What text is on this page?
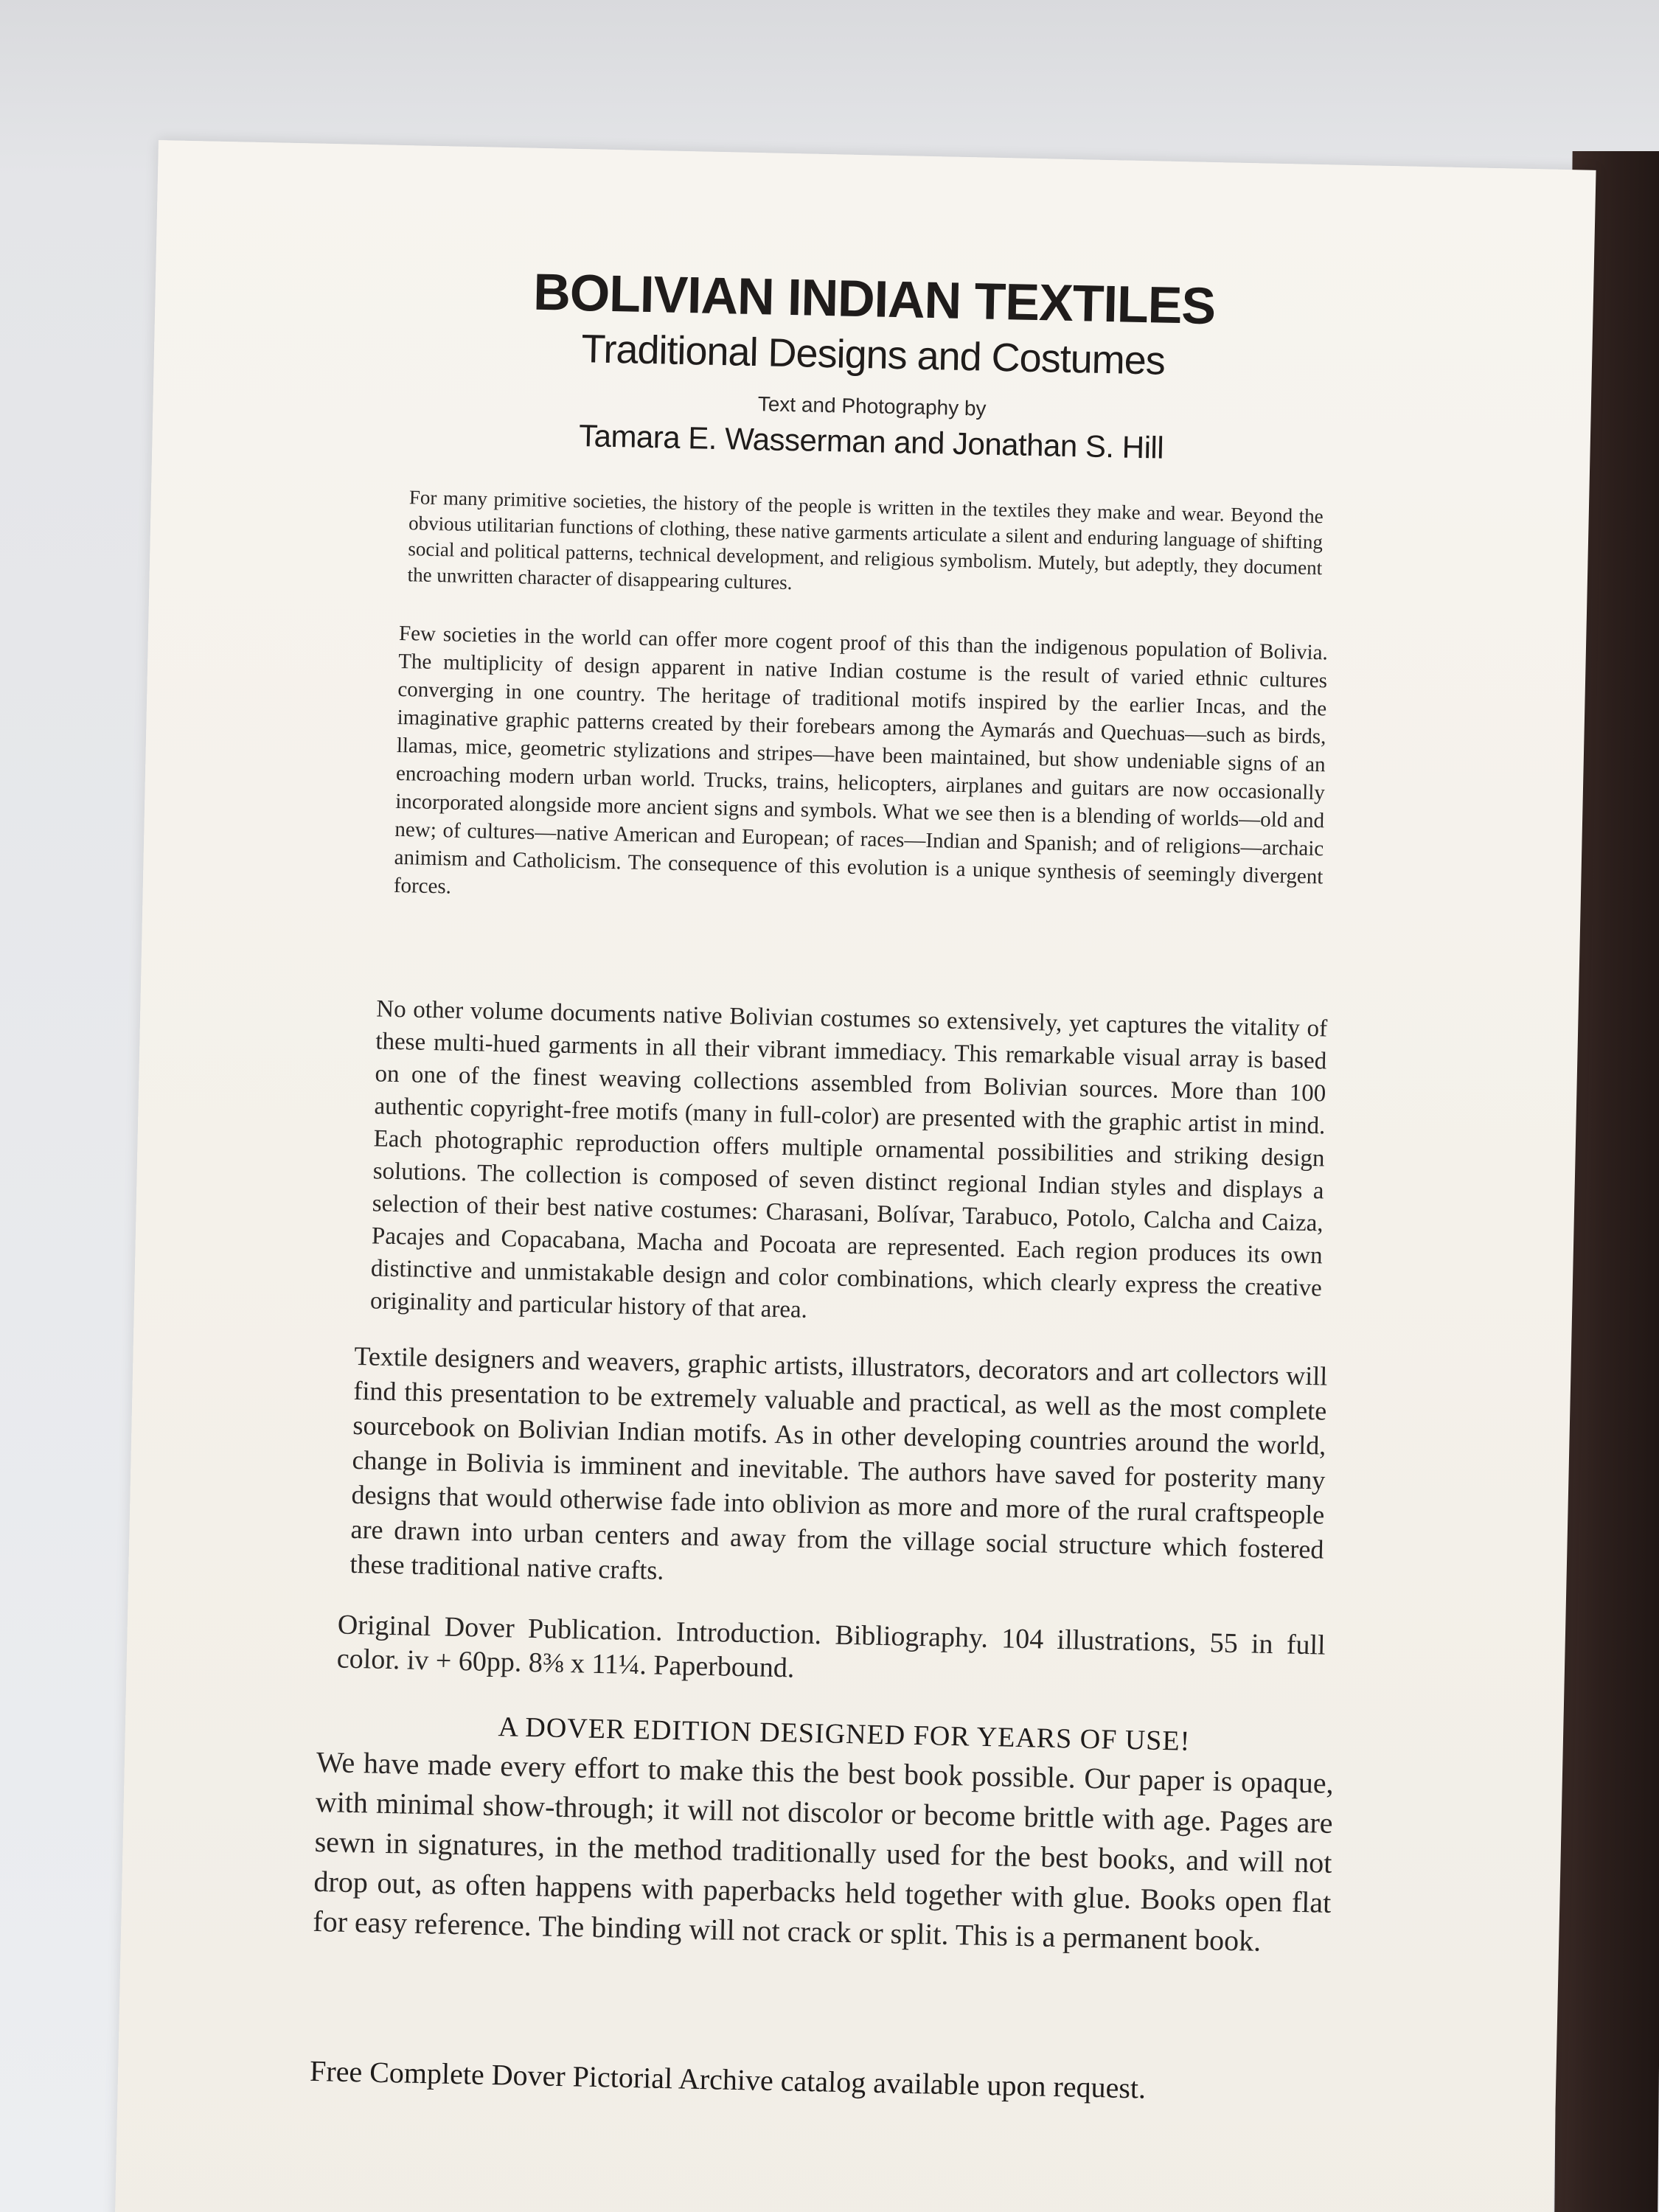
BOLIVIAN INDIAN TEXTILES
Traditional Designs and Costumes
Text and Photography by
Tamara E. Wasserman and Jonathan S. Hill
For many primitive societies, the history of the people is written in the textiles they make and wear. Beyond the obvious utilitarian functions of clothing, these native garments articulate a silent and enduring language of shifting social and political patterns, technical development, and religious symbolism. Mutely, but adeptly, they document the unwritten character of disappearing cultures.
Few societies in the world can offer more cogent proof of this than the indigenous population of Bolivia. The multiplicity of design apparent in native Indian costume is the result of varied ethnic cultures converging in one country. The heritage of traditional motifs inspired by the earlier Incas, and the imaginative graphic patterns created by their forebears among the Aymarás and Quechuas—such as birds, llamas, mice, geometric stylizations and stripes—have been maintained, but show undeniable signs of an encroaching modern urban world. Trucks, trains, helicopters, airplanes and guitars are now occasionally incorporated alongside more ancient signs and symbols. What we see then is a blending of worlds—old and new; of cultures—native American and European; of races—Indian and Spanish; and of religions—archaic animism and Catholicism. The consequence of this evolution is a unique synthesis of seemingly divergent forces.
No other volume documents native Bolivian costumes so extensively, yet captures the vitality of these multi-hued garments in all their vibrant immediacy. This remarkable visual array is based on one of the finest weaving collections assembled from Bolivian sources. More than 100 authentic copyright-free motifs (many in full-color) are presented with the graphic artist in mind. Each photographic reproduction offers multiple ornamental possibilities and striking design solutions. The collection is composed of seven distinct regional Indian styles and displays a selection of their best native costumes: Charasani, Bolívar, Tarabuco, Potolo, Calcha and Caiza, Pacajes and Copacabana, Macha and Pocoata are represented. Each region produces its own distinctive and unmistakable design and color combinations, which clearly express the creative originality and particular history of that area.
Textile designers and weavers, graphic artists, illustrators, decorators and art collectors will find this presentation to be extremely valuable and practical, as well as the most complete sourcebook on Bolivian Indian motifs. As in other developing countries around the world, change in Bolivia is imminent and inevitable. The authors have saved for posterity many designs that would otherwise fade into oblivion as more and more of the rural craftspeople are drawn into urban centers and away from the village social structure which fostered these traditional native crafts.
Original Dover Publication. Introduction. Bibliography. 104 illustrations, 55 in full color. iv + 60pp. 8⅜ x 11¼. Paperbound.
A DOVER EDITION DESIGNED FOR YEARS OF USE!
We have made every effort to make this the best book possible. Our paper is opaque, with minimal show-through; it will not discolor or become brittle with age. Pages are sewn in signatures, in the method traditionally used for the best books, and will not drop out, as often happens with paperbacks held together with glue. Books open flat for easy reference. The binding will not crack or split. This is a permanent book.
Free Complete Dover Pictorial Archive catalog available upon request.
